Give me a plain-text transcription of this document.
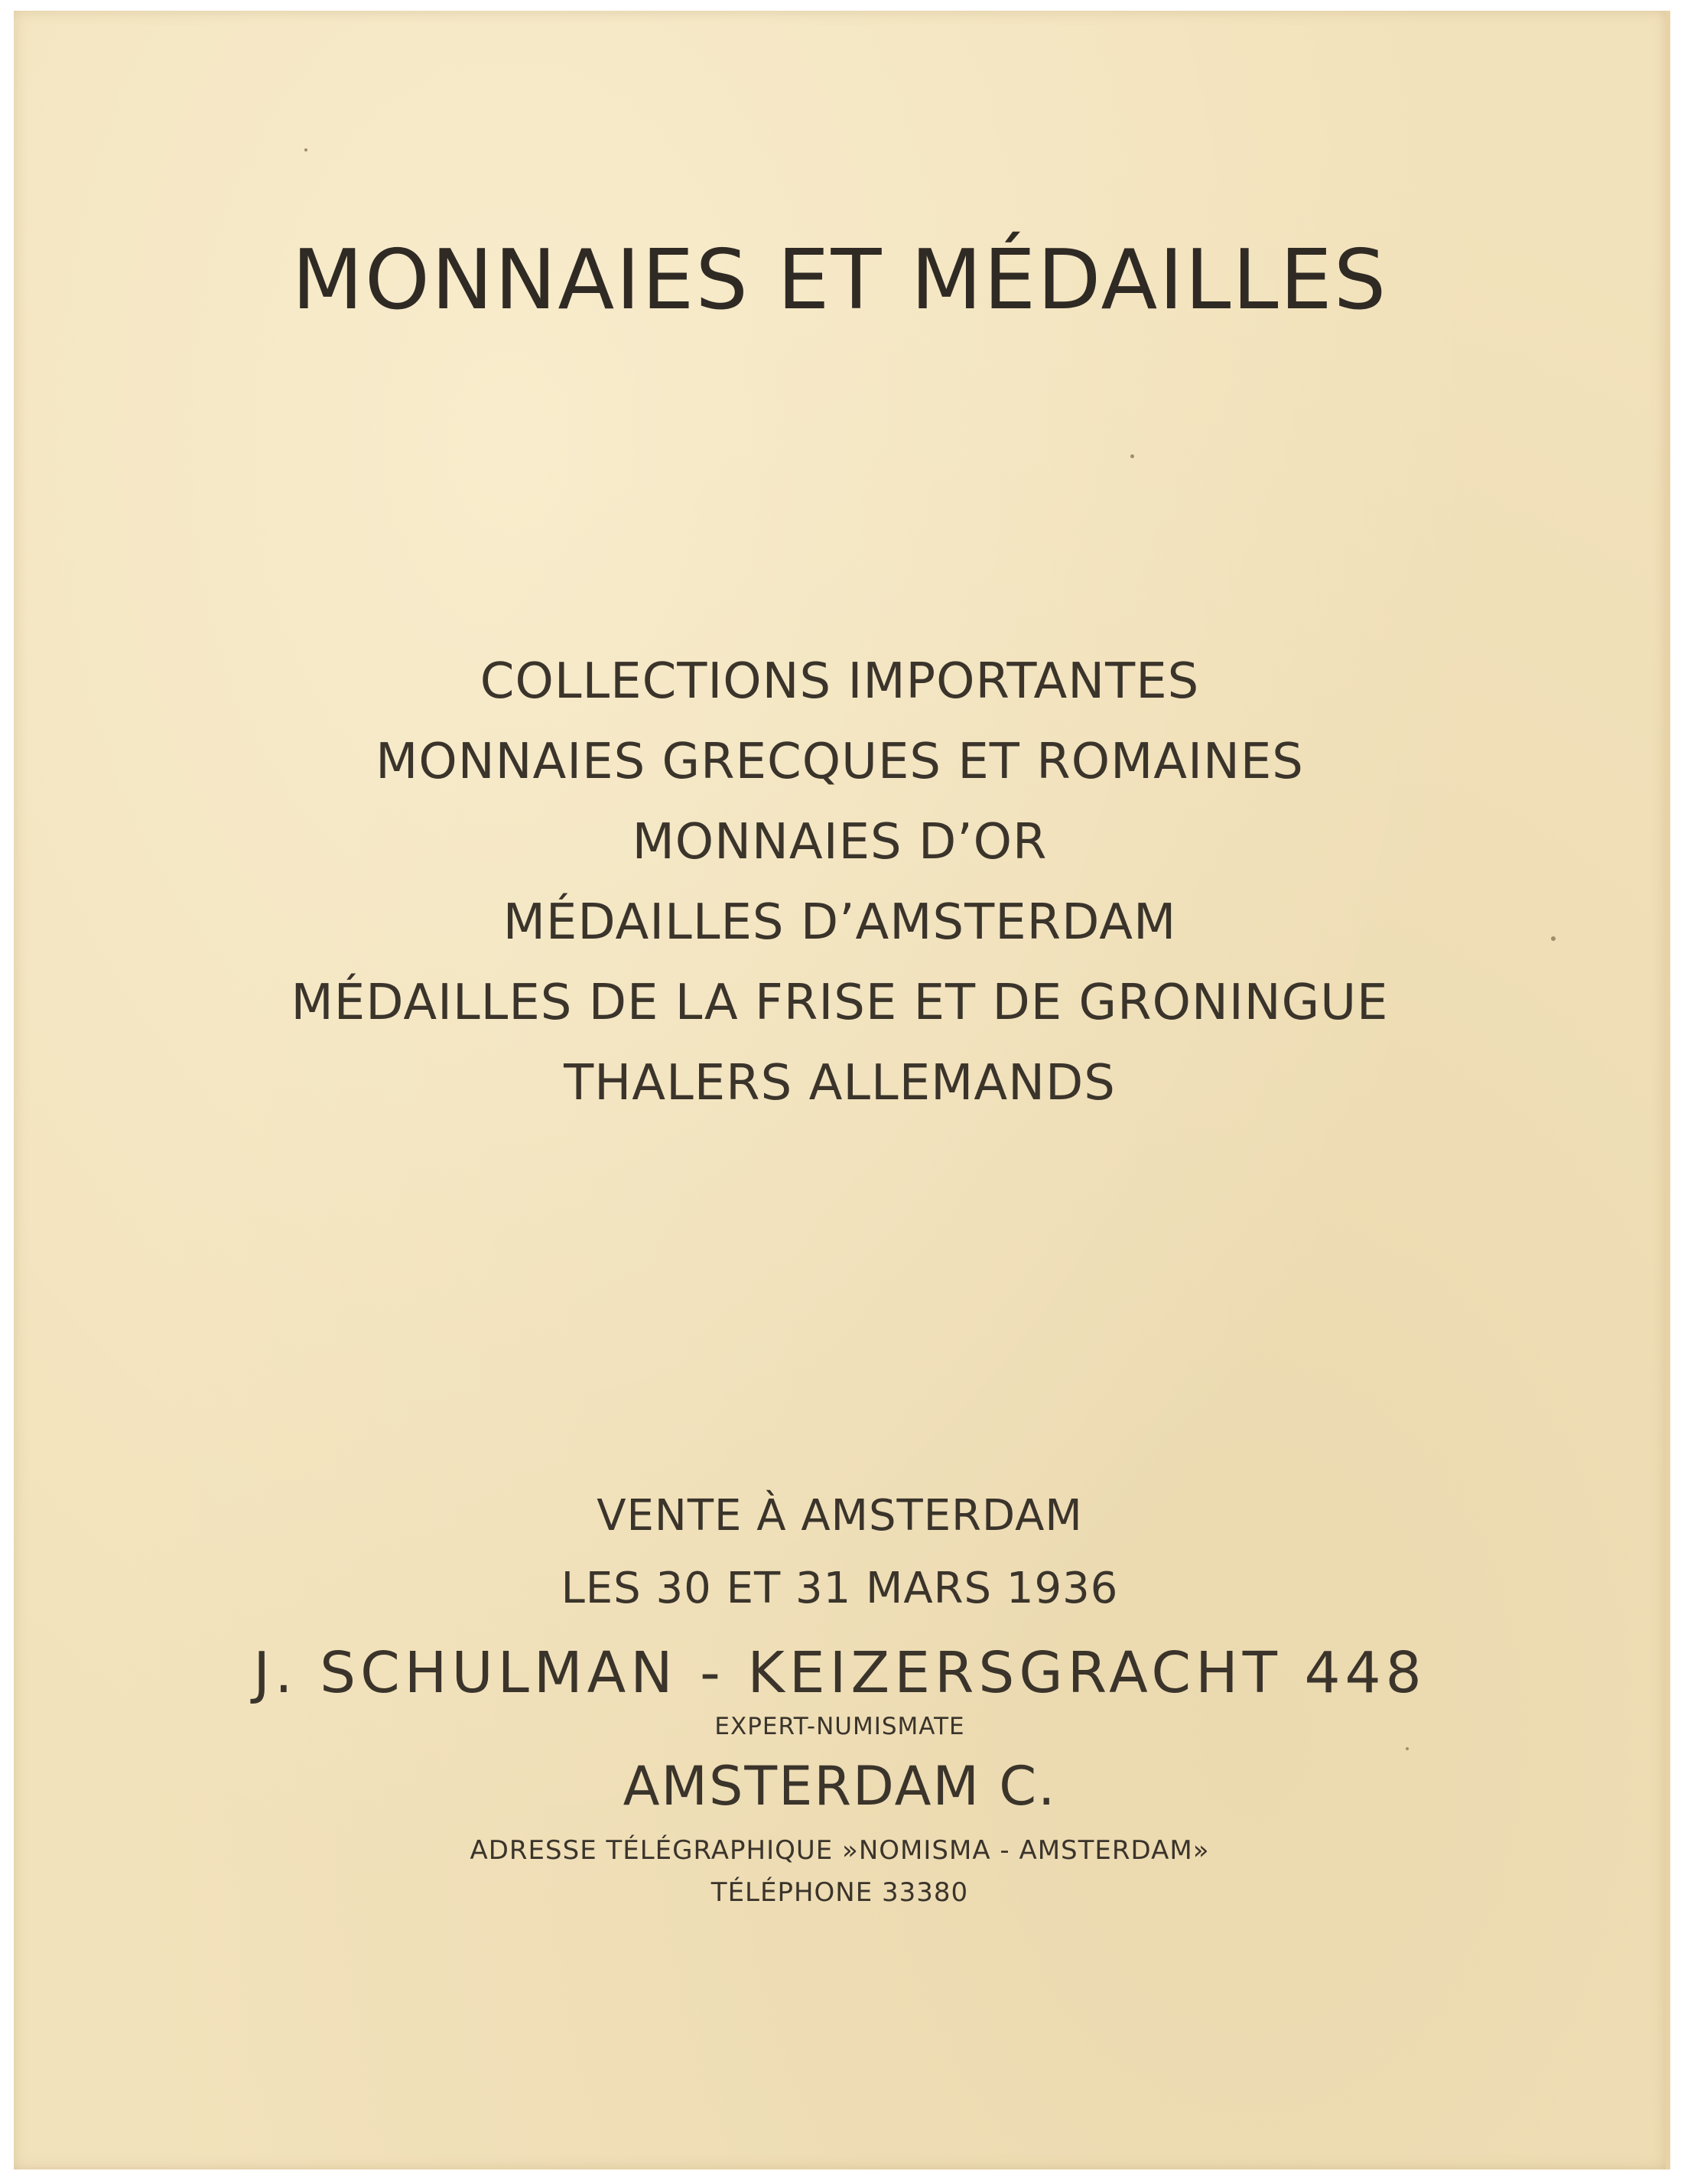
MONNAIES ET MÉDAILLES
COLLECTIONS IMPORTANTES
MONNAIES GRECQUES ET ROMAINES
MONNAIES D’OR
MÉDAILLES D’AMSTERDAM
MÉDAILLES DE LA FRISE ET DE GRONINGUE
THALERS ALLEMANDS
VENTE À AMSTERDAM
LES 30 ET 31 MARS 1936
J. SCHULMAN - KEIZERSGRACHT 448
EXPERT-NUMISMATE
AMSTERDAM C.
ADRESSE TÉLÉGRAPHIQUE »NOMISMA - AMSTERDAM»
TÉLÉPHONE 33380
